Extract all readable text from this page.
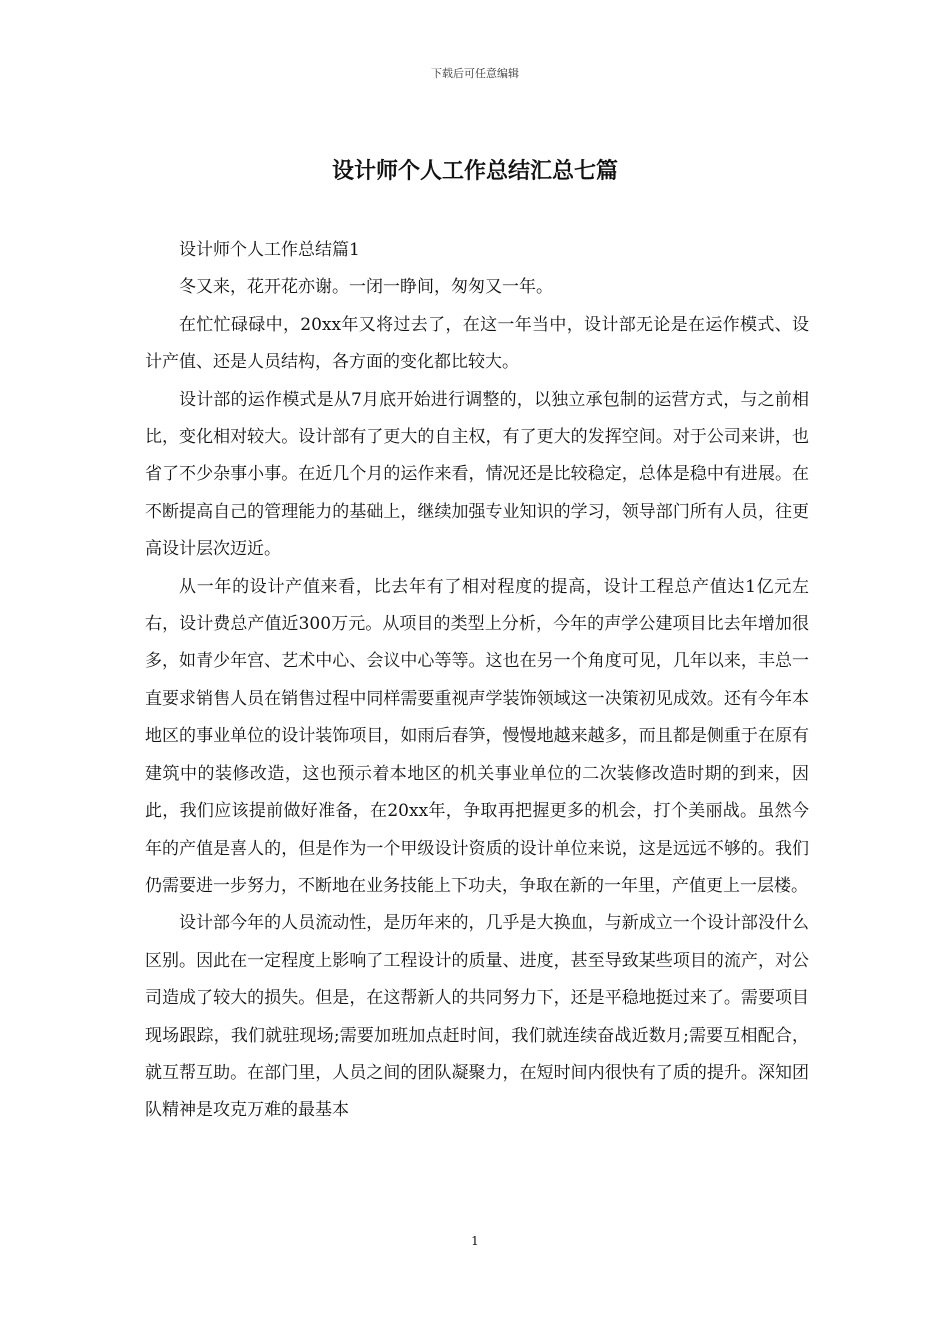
下载后可任意编辑
设计师个人工作总结汇总七篇

设计师个人工作总结篇1

冬又来，花开花亦谢。一闭一睁间，匆匆又一年。

在忙忙碌碌中，20xx年又将过去了，在这一年当中，设计部无论是在运作模式、设计产值、还是人员结构，各方面的变化都比较大。

设计部的运作模式是从7月底开始进行调整的，以独立承包制的运营方式，与之前相比，变化相对较大。设计部有了更大的自主权，有了更大的发挥空间。对于公司来讲，也省了不少杂事小事。在近几个月的运作来看，情况还是比较稳定，总体是稳中有进展。在不断提高自己的管理能力的基础上，继续加强专业知识的学习，领导部门所有人员，往更高设计层次迈近。

从一年的设计产值来看，比去年有了相对程度的提高，设计工程总产值达1亿元左右，设计费总产值近300万元。从项目的类型上分析，今年的声学公建项目比去年增加很多，如青少年宫、艺术中心、会议中心等等。这也在另一个角度可见，几年以来，丰总一直要求销售人员在销售过程中同样需要重视声学装饰领域这一决策初见成效。还有今年本地区的事业单位的设计装饰项目，如雨后春笋，慢慢地越来越多，而且都是侧重于在原有建筑中的装修改造，这也预示着本地区的机关事业单位的二次装修改造时期的到来，因此，我们应该提前做好准备，在20xx年，争取再把握更多的机会，打个美丽战。虽然今年的产值是喜人的，但是作为一个甲级设计资质的设计单位来说，这是远远不够的。我们仍需要进一步努力，不断地在业务技能上下功夫，争取在新的一年里，产值更上一层楼。

设计部今年的人员流动性，是历年来的，几乎是大换血，与新成立一个设计部没什么区别。因此在一定程度上影响了工程设计的质量、进度，甚至导致某些项目的流产，对公司造成了较大的损失。但是，在这帮新人的共同努力下，还是平稳地挺过来了。需要项目现场跟踪，我们就驻现场;需要加班加点赶时间，我们就连续奋战近数月;需要互相配合，就互帮互助。在部门里，人员之间的团队凝聚力，在短时间内很快有了质的提升。深知团队精神是攻克万难的最基本

1
